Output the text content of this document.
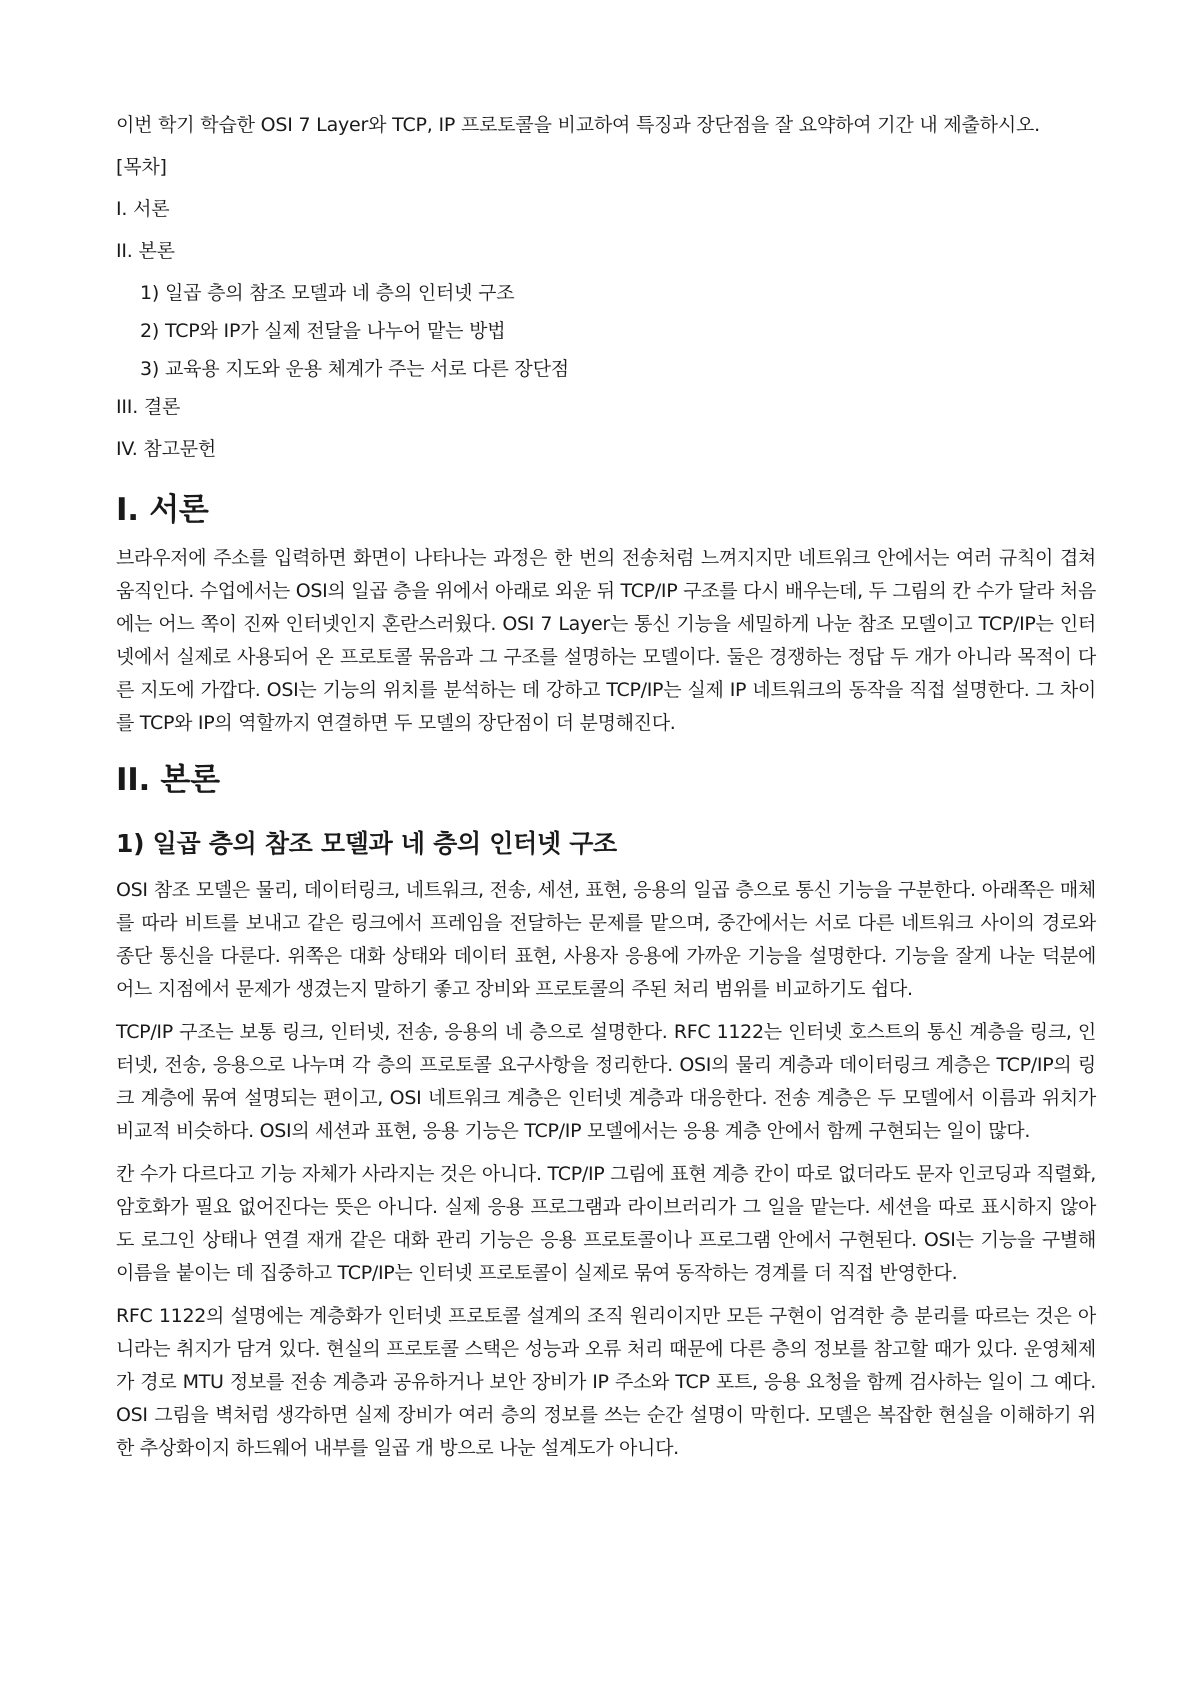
이번 학기 학습한 OSI 7 Layer와 TCP, IP 프로토콜을 비교하여 특징과 장단점을 잘 요약하여 기간 내 제출하시오.

[목차]

I. 서론

II. 본론

1) 일곱 층의 참조 모델과 네 층의 인터넷 구조

2) TCP와 IP가 실제 전달을 나누어 맡는 방법

3) 교육용 지도와 운용 체계가 주는 서로 다른 장단점

III. 결론

IV. 참고문헌

I. 서론

브라우저에 주소를 입력하면 화면이 나타나는 과정은 한 번의 전송처럼 느껴지지만 네트워크 안에서는 여러 규칙이 겹쳐 움직인다. 수업에서는 OSI의 일곱 층을 위에서 아래로 외운 뒤 TCP/IP 구조를 다시 배우는데, 두 그림의 칸 수가 달라 처음에는 어느 쪽이 진짜 인터넷인지 혼란스러웠다. OSI 7 Layer는 통신 기능을 세밀하게 나눈 참조 모델이고 TCP/IP는 인터넷에서 실제로 사용되어 온 프로토콜 묶음과 그 구조를 설명하는 모델이다. 둘은 경쟁하는 정답 두 개가 아니라 목적이 다른 지도에 가깝다. OSI는 기능의 위치를 분석하는 데 강하고 TCP/IP는 실제 IP 네트워크의 동작을 직접 설명한다. 그 차이를 TCP와 IP의 역할까지 연결하면 두 모델의 장단점이 더 분명해진다.

II. 본론
1) 일곱 층의 참조 모델과 네 층의 인터넷 구조

OSI 참조 모델은 물리, 데이터링크, 네트워크, 전송, 세션, 표현, 응용의 일곱 층으로 통신 기능을 구분한다. 아래쪽은 매체를 따라 비트를 보내고 같은 링크에서 프레임을 전달하는 문제를 맡으며, 중간에서는 서로 다른 네트워크 사이의 경로와 종단 통신을 다룬다. 위쪽은 대화 상태와 데이터 표현, 사용자 응용에 가까운 기능을 설명한다. 기능을 잘게 나눈 덕분에 어느 지점에서 문제가 생겼는지 말하기 좋고 장비와 프로토콜의 주된 처리 범위를 비교하기도 쉽다.

TCP/IP 구조는 보통 링크, 인터넷, 전송, 응용의 네 층으로 설명한다. RFC 1122는 인터넷 호스트의 통신 계층을 링크, 인터넷, 전송, 응용으로 나누며 각 층의 프로토콜 요구사항을 정리한다. OSI의 물리 계층과 데이터링크 계층은 TCP/IP의 링크 계층에 묶여 설명되는 편이고, OSI 네트워크 계층은 인터넷 계층과 대응한다. 전송 계층은 두 모델에서 이름과 위치가 비교적 비슷하다. OSI의 세션과 표현, 응용 기능은 TCP/IP 모델에서는 응용 계층 안에서 함께 구현되는 일이 많다.

칸 수가 다르다고 기능 자체가 사라지는 것은 아니다. TCP/IP 그림에 표현 계층 칸이 따로 없더라도 문자 인코딩과 직렬화, 암호화가 필요 없어진다는 뜻은 아니다. 실제 응용 프로그램과 라이브러리가 그 일을 맡는다. 세션을 따로 표시하지 않아도 로그인 상태나 연결 재개 같은 대화 관리 기능은 응용 프로토콜이나 프로그램 안에서 구현된다. OSI는 기능을 구별해 이름을 붙이는 데 집중하고 TCP/IP는 인터넷 프로토콜이 실제로 묶여 동작하는 경계를 더 직접 반영한다.

RFC 1122의 설명에는 계층화가 인터넷 프로토콜 설계의 조직 원리이지만 모든 구현이 엄격한 층 분리를 따르는 것은 아니라는 취지가 담겨 있다. 현실의 프로토콜 스택은 성능과 오류 처리 때문에 다른 층의 정보를 참고할 때가 있다. 운영체제가 경로 MTU 정보를 전송 계층과 공유하거나 보안 장비가 IP 주소와 TCP 포트, 응용 요청을 함께 검사하는 일이 그 예다. OSI 그림을 벽처럼 생각하면 실제 장비가 여러 층의 정보를 쓰는 순간 설명이 막힌다. 모델은 복잡한 현실을 이해하기 위한 추상화이지 하드웨어 내부를 일곱 개 방으로 나눈 설계도가 아니다.
